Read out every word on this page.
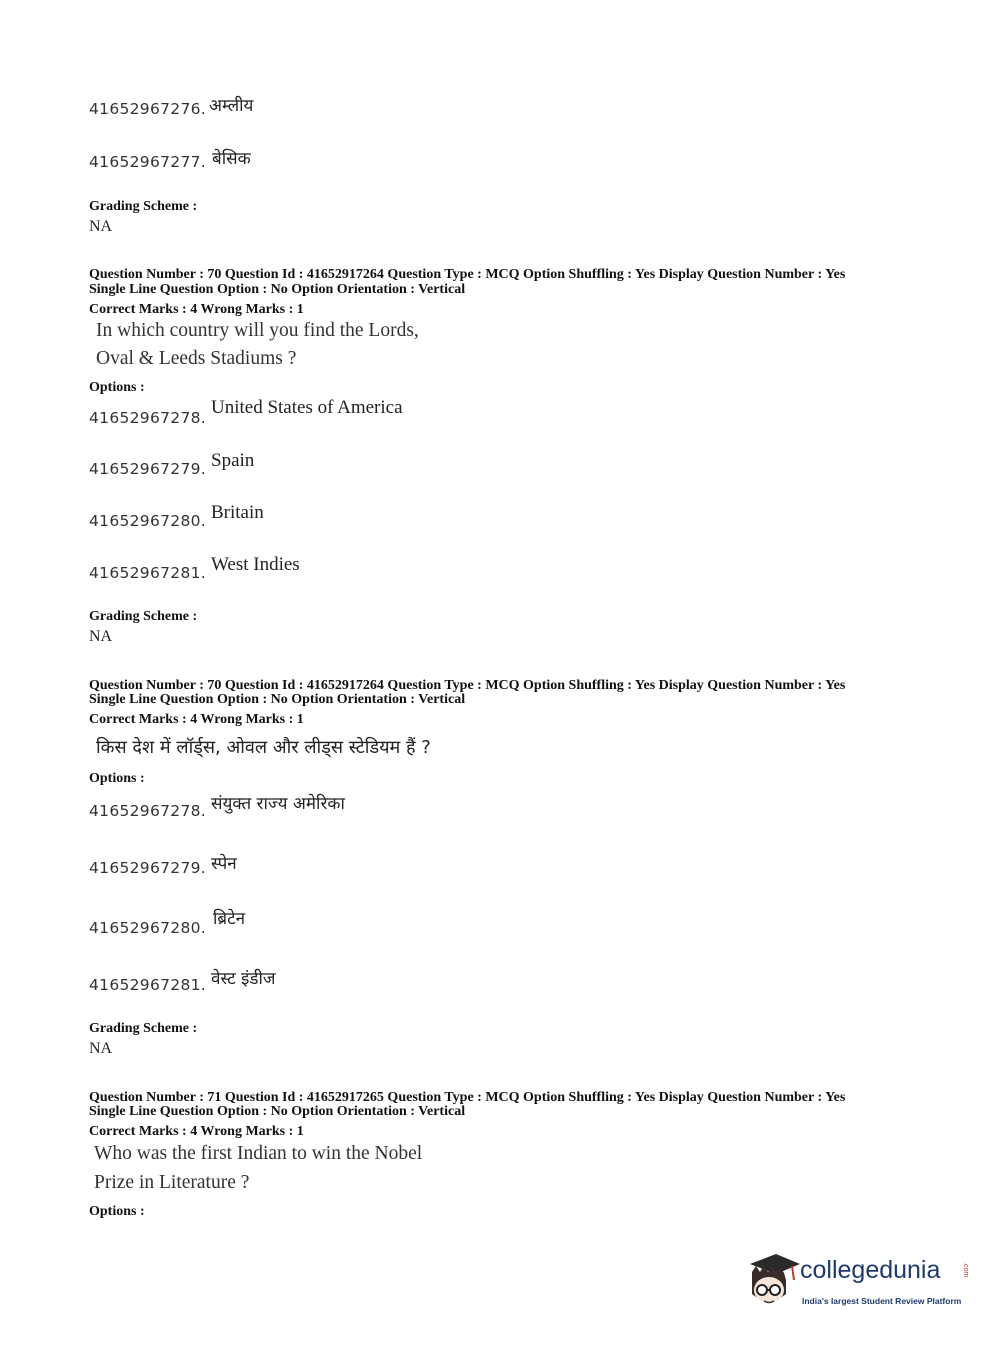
41652967276. अम्लीय
41652967277. बेसिक
Grading Scheme :
NA
Question Number : 70 Question Id : 41652917264 Question Type : MCQ Option Shuffling : Yes Display Question Number : Yes
Single Line Question Option : No Option Orientation : Vertical
Correct Marks : 4 Wrong Marks : 1
In which country will you find the Lords,
Oval & Leeds Stadiums ?
Options :
41652967278. United States of America
41652967279. Spain
41652967280. Britain
41652967281. West Indies
Grading Scheme :
NA
Question Number : 70 Question Id : 41652917264 Question Type : MCQ Option Shuffling : Yes Display Question Number : Yes
Single Line Question Option : No Option Orientation : Vertical
Correct Marks : 4 Wrong Marks : 1
किस देश में लॉर्ड्स, ओवल और लीड्स स्टेडियम हैं ?
Options :
41652967278. संयुक्त राज्य अमेरिका
41652967279. स्पेन
41652967280. ब्रिटेन
41652967281. वेस्ट इंडीज
Grading Scheme :
NA
Question Number : 71 Question Id : 41652917265 Question Type : MCQ Option Shuffling : Yes Display Question Number : Yes
Single Line Question Option : No Option Orientation : Vertical
Correct Marks : 4 Wrong Marks : 1
Who was the first Indian to win the Nobel
Prize in Literature ?
Options :
collegedunia	.com
India's largest Student Review Platform
